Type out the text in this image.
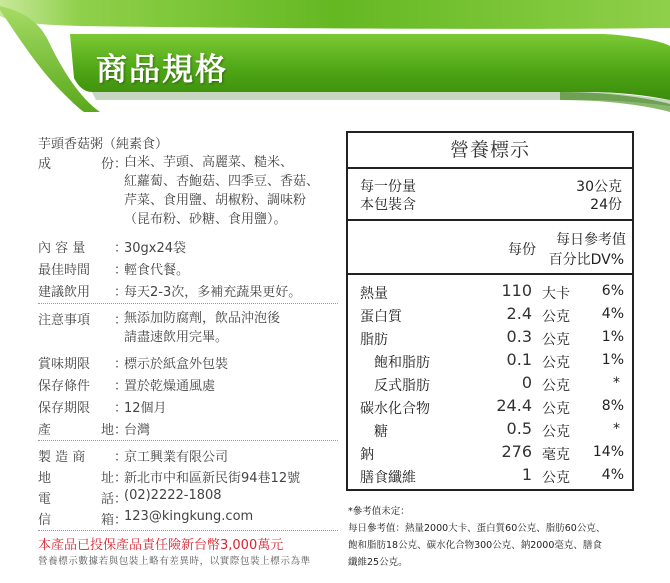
商品規格
芋頭香菇粥（純素食）
成	份 ：
白米、芋頭、高麗菜、糙米、
紅蘿蔔、杏鮑菇、四季豆、香菇、
芹菜、食用鹽、胡椒粉、調味粉
（昆布粉、砂糖、食用鹽）。
內 容 量	：
30gx24袋
最佳時間	：
輕食代餐。
建議飲用	：
每天2-3次，多補充蔬果更好。
注意事項	：
無添加防腐劑，飲品沖泡後
請盡速飲用完畢。
賞味期限	：
標示於紙盒外包裝
保存條件	：
置於乾燥通風處
保存期限	：
12個月
產	地 ：
台灣
製 造 商	：
京工興業有限公司
地	址 ：
新北市中和區新民街94巷12號
電	話 ：
(02)2222-1808
信	箱 ：
123@kingkung.com
本產品已投保產品責任險新台幣3,000萬元
營養標示數據若與包裝上略有差異時，以實際包裝上標示為準
營養標示
每一份量	30公克
本包裝含	24份
每份
每日參考值
百分比DV%
熱量	110 大卡 6%
蛋白質	2.4 公克 4%
脂肪	0.3 公克 1%
飽和脂肪	0.1 公克 1%
反式脂肪	0 公克	*
碳水化合物	24.4 公克 8%
糖	0.5 公克	*
鈉	276 毫克 14%
膳食纖維	1 公克 4%
*參考值未定：
每日參考值：熱量2000大卡、蛋白質60公克、脂肪60公克、
飽和脂肪18公克、碳水化合物300公克、鈉2000毫克、膳食
纖維25公克。
